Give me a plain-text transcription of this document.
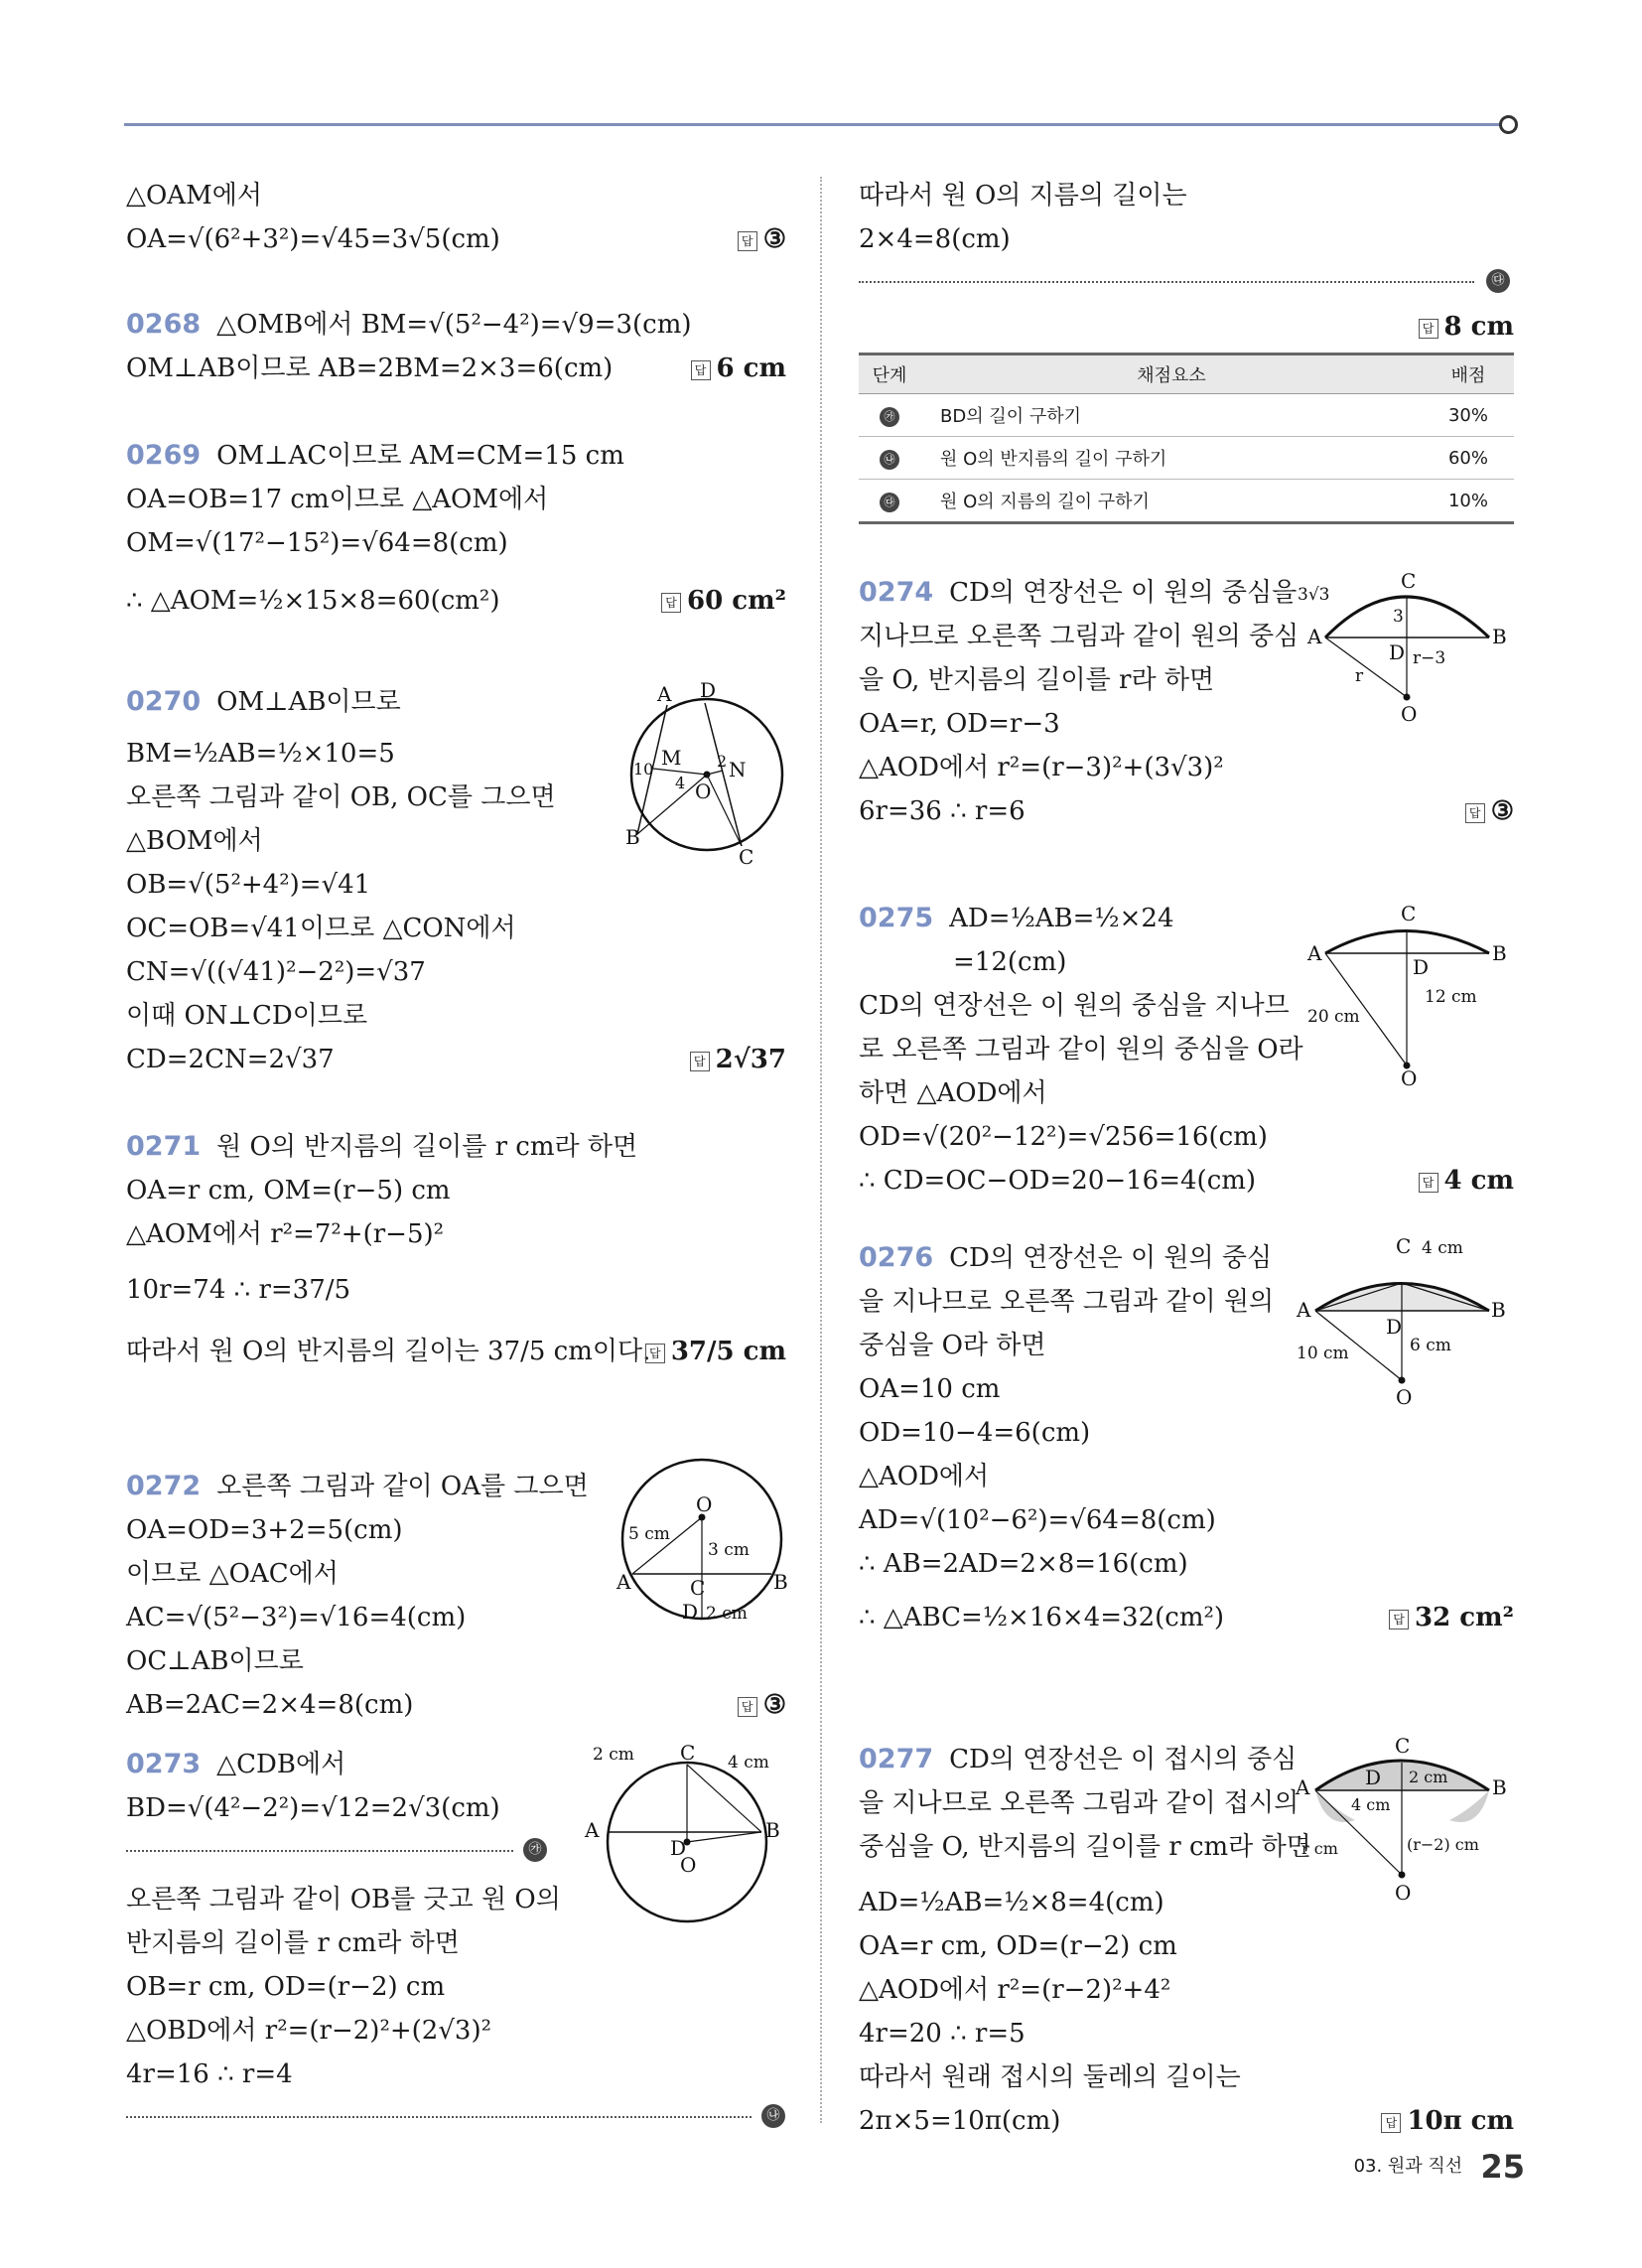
△OAM에서
OA=√(6²+3²)=√45=3√5(cm)	답 ③
0268 △OMB에서 BM=√(5²−4²)=√9=3(cm)
OM⊥AB이므로 AB=2BM=2×3=6(cm)	답 6 cm
0269 OM⊥AC이므로 AM=CM=15 cm
OA=OB=17 cm이므로 △AOM에서
OM=√(17²−15²)=√64=8(cm)
∴ △AOM=½×15×8=60(cm²)	답 60 cm²
0270 OM⊥AB이므로
BM=½AB=½×10=5
오른쪽 그림과 같이 OB, OC를 그으면
△BOM에서
OB=√(5²+4²)=√41
OC=OB=√41이므로 △CON에서
CN=√((√41)²−2²)=√37
이때 ON⊥CD이므로
CD=2CN=2√37	답 2√37
A D
M N
O
B
C
10
4
2
0271 원 O의 반지름의 길이를 r cm라 하면
OA=r cm, OM=(r−5) cm
△AOM에서 r²=7²+(r−5)²
10r=74 ∴ r=37/5
따라서 원 O의 반지름의 길이는 37/5 cm이다.
답 37/5 cm
0272 오른쪽 그림과 같이 OA를 그으면
OA=OD=3+2=5(cm)
이므로 △OAC에서
AC=√(5²−3²)=√16=4(cm)
OC⊥AB이므로
AB=2AC=2×4=8(cm)	답 ③
O
5 cm
3 cm
A	C	B
D 2 cm
0273 △CDB에서
BD=√(4²−2²)=√12=2√3(cm)
㉮
오른쪽 그림과 같이 OB를 긋고 원 O의
반지름의 길이를 r cm라 하면
OB=r cm, OD=(r−2) cm
△OBD에서 r²=(r−2)²+(2√3)²
4r=16 ∴ r=4
㉯
2 cm C 4 cm
A	B
D
O
따라서 원 O의 지름의 길이는
2×4=8(cm)
㉰
답 8 cm
단계	채점요소	배점
㉮	BD의 길이 구하기	30%
㉯	원 O의 반지름의 길이 구하기	60%
㉰	원 O의 지름의 길이 구하기	10%
0274 CD의 연장선은 이 원의 중심을
지나므로 오른쪽 그림과 같이 원의 중심
을 O, 반지름의 길이를 r라 하면
OA=r, OD=r−3
△AOD에서 r²=(r−3)²+(3√3)²
6r=36 ∴ r=6	답 ③
3√3
C
3
A	B
D r−3
r
O
0275 AD=½AB=½×24
=12(cm)
CD의 연장선은 이 원의 중심을 지나므
로 오른쪽 그림과 같이 원의 중심을 O라
하면 △AOD에서
OD=√(20²−12²)=√256=16(cm)
∴ CD=OC−OD=20−16=4(cm)	답 4 cm
C
A	B
D
12 cm
20 cm
O
0276 CD의 연장선은 이 원의 중심
을 지나므로 오른쪽 그림과 같이 원의
중심을 O라 하면
OA=10 cm
OD=10−4=6(cm)
△AOD에서
AD=√(10²−6²)=√64=8(cm)
∴ AB=2AD=2×8=16(cm)
∴ △ABC=½×16×4=32(cm²)	답 32 cm²
C 4 cm
A	B
D
10 cm	6 cm
O
0277 CD의 연장선은 이 접시의 중심
을 지나므로 오른쪽 그림과 같이 접시의
중심을 O, 반지름의 길이를 r cm라 하면
AD=½AB=½×8=4(cm)
OA=r cm, OD=(r−2) cm
△AOD에서 r²=(r−2)²+4²
4r=20 ∴ r=5
따라서 원래 접시의 둘레의 길이는
2π×5=10π(cm)	답 10π cm
C
A	B
D 2 cm
4 cm
r cm	(r−2) cm
O
$^{03. 원과 직선}$ 25
